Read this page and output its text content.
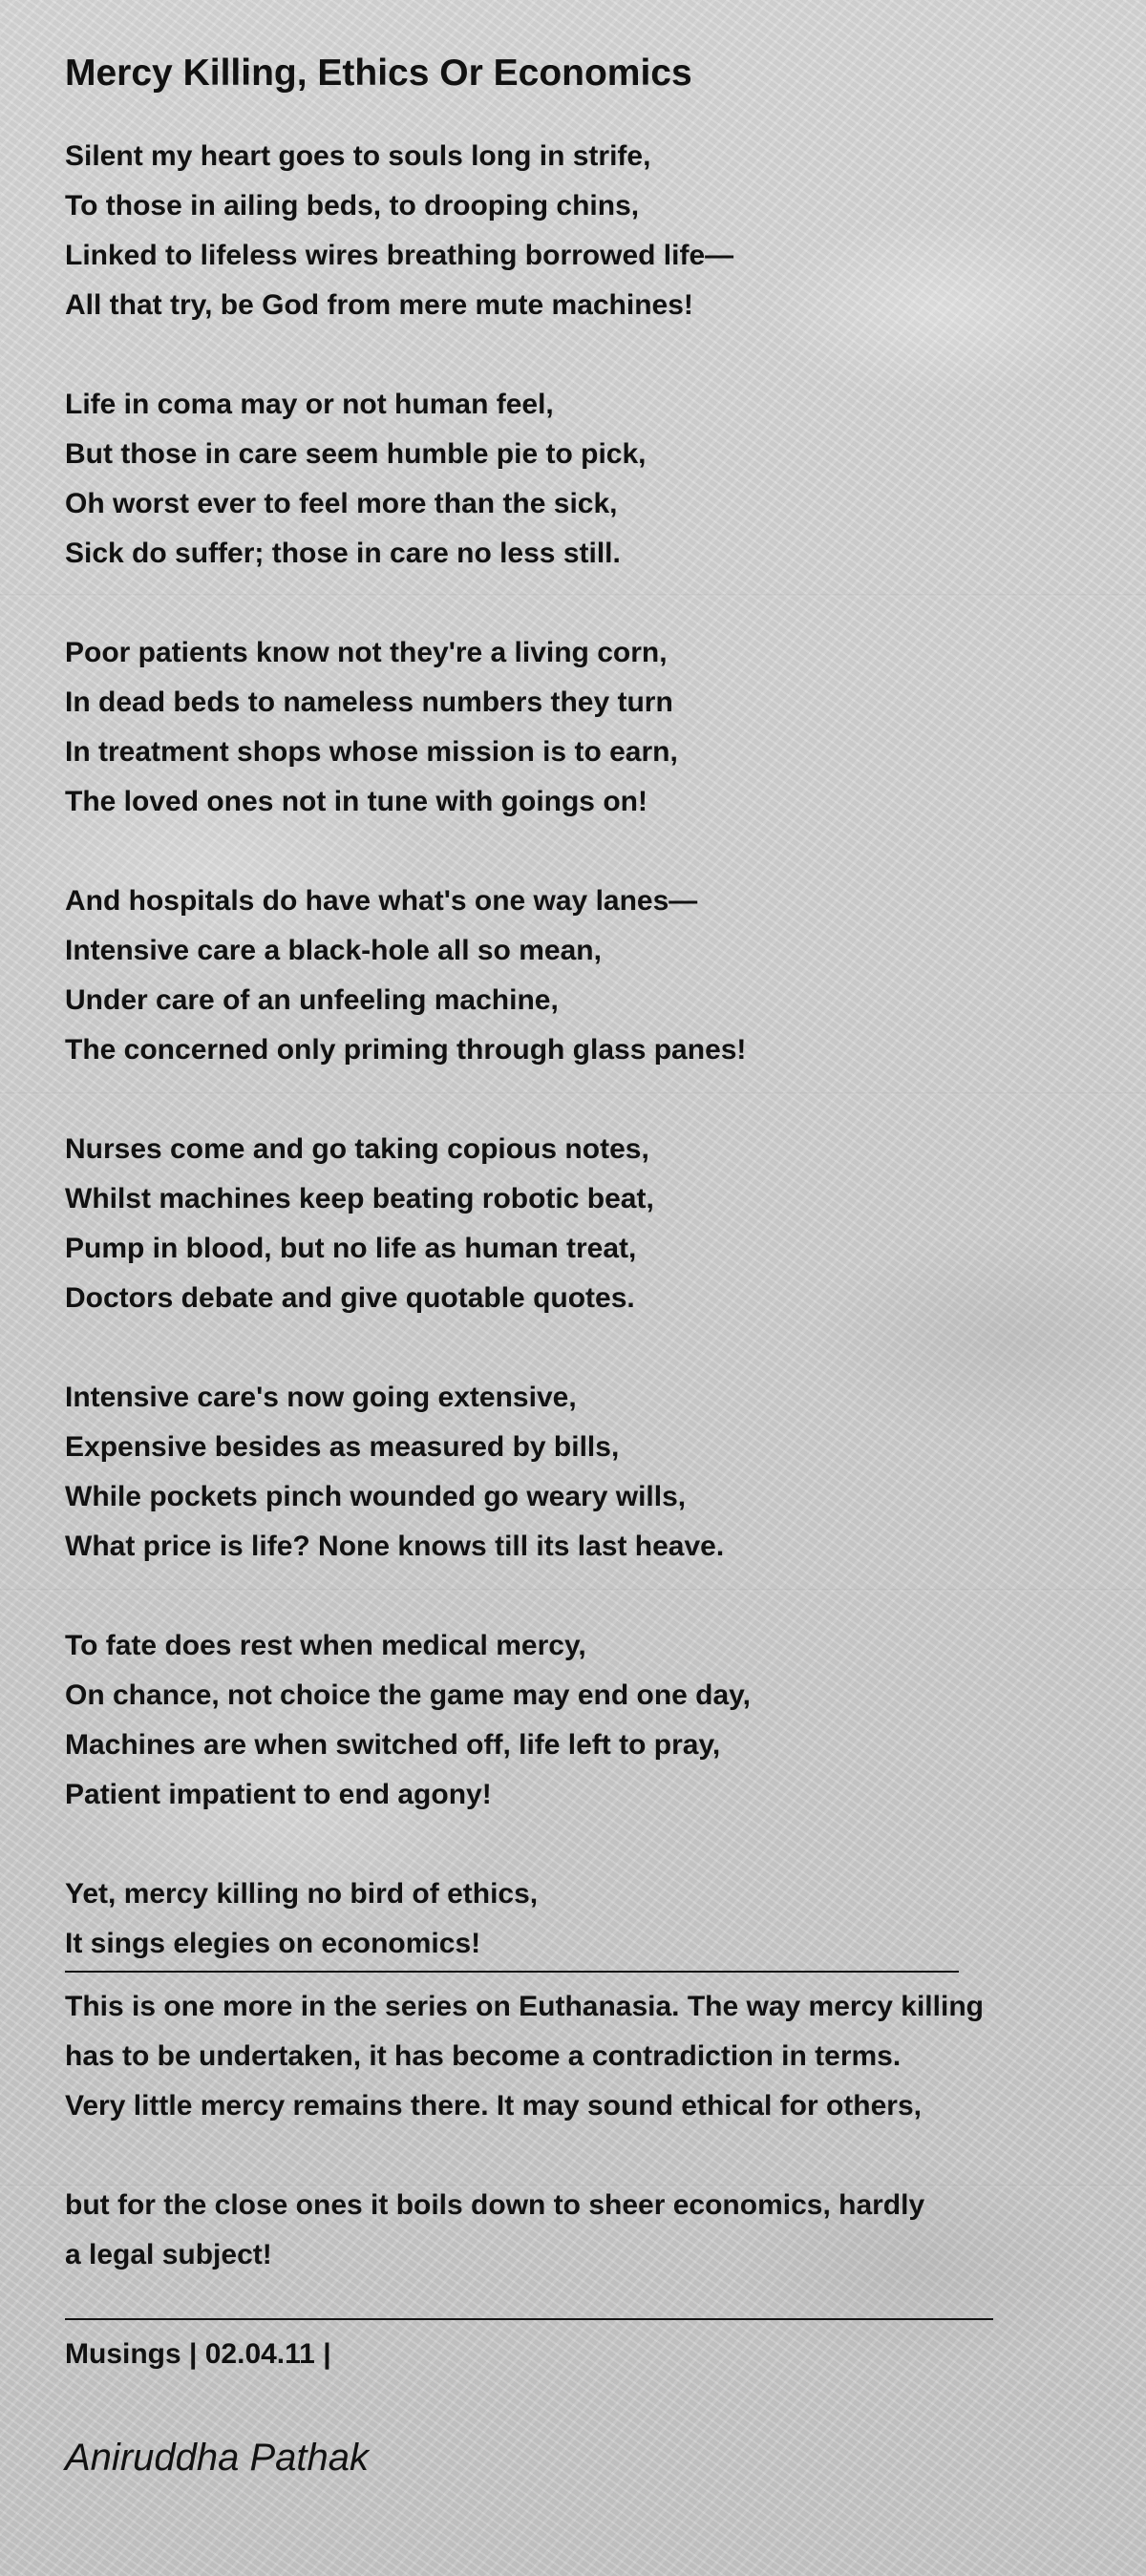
Mercy Killing, Ethics Or Economics
Silent my heart goes to souls long in strife,
To those in ailing beds, to drooping chins,
Linked to lifeless wires breathing borrowed life—
All that try, be God from mere mute machines!
Life in coma may or not human feel,
But those in care seem humble pie to pick,
Oh worst ever to feel more than the sick,
Sick do suffer; those in care no less still.
Poor patients know not they're a living corn,
In dead beds to nameless numbers they turn
In treatment shops whose mission is to earn,
The loved ones not in tune with goings on!
And hospitals do have what's one way lanes—
Intensive care a black-hole all so mean,
Under care of an unfeeling machine,
The concerned only priming through glass panes!
Nurses come and go taking copious notes,
Whilst machines keep beating robotic beat,
Pump in blood, but no life as human treat,
Doctors debate and give quotable quotes.
Intensive care's now going extensive,
Expensive besides as measured by bills,
While pockets pinch wounded go weary wills,
What price is life? None knows till its last heave.
To fate does rest when medical mercy,
On chance, not choice the game may end one day,
Machines are when switched off, life left to pray,
Patient impatient to end agony!
Yet, mercy killing no bird of ethics,
It sings elegies on economics!
This is one more in the series on Euthanasia. The way mercy killing
has to be undertaken, it has become a contradiction in terms.
Very little mercy remains there. It may sound ethical for others,
but for the close ones it boils down to sheer economics, hardly
a legal subject!
Musings | 02.04.11 |
Aniruddha Pathak
